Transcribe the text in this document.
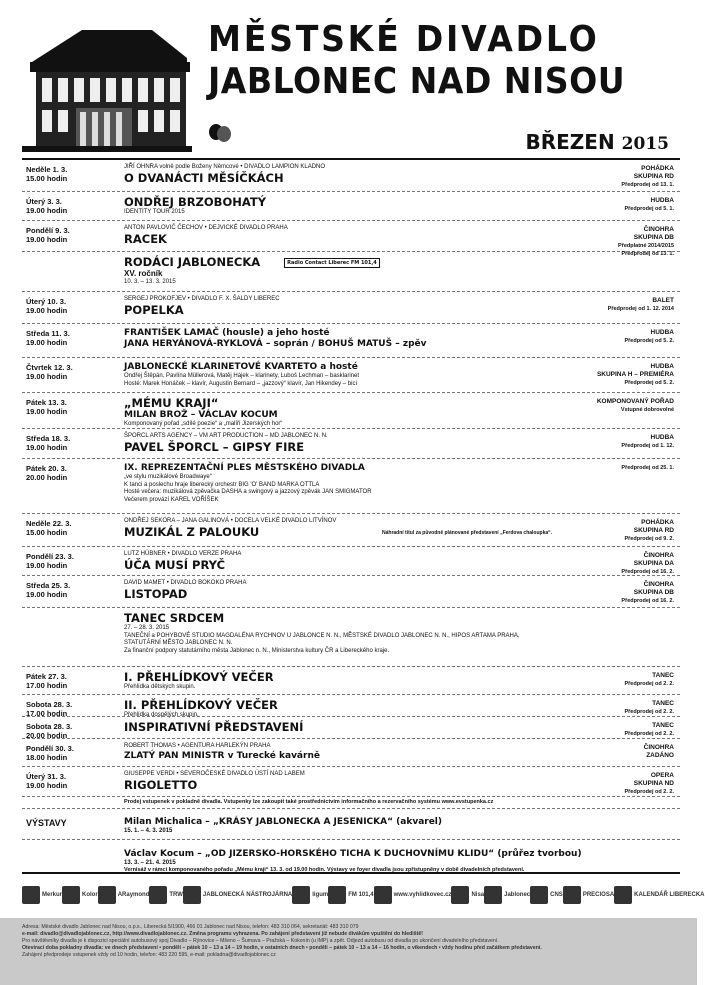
MĚSTSKÉ DIVADLO
JABLONEC NAD NISOU
BŘEZEN 2015
Neděle 1. 3.
15.00 hodin
JIŘÍ OHNRA volně podle Boženy Němcové • DIVADLO LAMPION KLADNO
O DVANÁCTI MĚSÍČKÁCH
POHÁDKA
SKUPINA RD
Předprodej od 13. 1.
Úterý 3. 3.
19.00 hodin
ONDŘEJ BRZOBOHATÝ
IDENTITY TOUR 2015
HUDBA
Předprodej od 5. 1.
Pondělí 9. 3.
19.00 hodin
ANTON PAVLOVIČ ČECHOV • DEJVICKÉ DIVADLO PRAHA
RACEK
ČINOHRA
SKUPINA DB
Předplatné 2014/2015
Předprodej od 13. 1.
RODÁCI JABLONECKA	Radio Contact Liberec FM 101,4
XV. ročník
10. 3. – 13. 3. 2015
Úterý 10. 3.
19.00 hodin
SERGEJ PROKOFJEV • DIVADLO F. X. ŠALDY LIBEREC
POPELKA
BALET
Předprodej od 1. 12. 2014
Středa 11. 3.
19.00 hodin
FRANTIŠEK LAMAČ (housle) a jeho hosté
JANA HERYÁNOVÁ-RYKLOVÁ – soprán / BOHUŠ MATUŠ – zpěv
HUDBA
Předprodej od 5. 2.
Čtvrtek 12. 3.
19.00 hodin
JABLONECKÉ KLARINETOVÉ KVARTETO a hosté
Ondřej Štěpán, Pavlína Müllerová, Matěj Hájek – klarinety, Luboš Lechman – basklarinet
Hosté: Marek Honáček – klavír, Augustin Bernard – „jazzový“ klavír, Jan Hikendey – bicí
HUDBA
SKUPINA H – PREMIÉRA
Předprodej od 5. 2.
Pátek 13. 3.
19.00 hodin
„MÉMU KRAJI“
MILAN BROŽ – VÁCLAV KOCUM
Komponovaný pořad „sdílé poezie“ a „malíři Jizerských hor“
KOMPONOVANÝ POŘAD
Vstupné dobrovolné
Středa 18. 3.
19.00 hodin
ŠPORCL ARTS AGENCY – VM ART PRODUCTION – MD JABLONEC N. N.
PAVEL ŠPORCL – GIPSY FIRE
HUDBA
Předprodej od 1. 12.
Pátek 20. 3.
20.00 hodin
IX. REPREZENTAČNÍ PLES MĚSTSKÉHO DIVADLA
„ve stylu muzikálové Broadwaye“
K tanci a poslechu hraje liberecký orchestr BIG 'O' BAND MARKA OTTLA
Hosté večera: muzikálová zpěvačka DASHA a swingový a jazzový zpěvák JAN SMIGMATOR
Večerem provází KAREL VOŘÍŠEK
Předprodej od 25. 1.
Neděle 22. 3.
15.00 hodin
ONDŘEJ SEKORA – JANA GALINOVÁ • DOCELA VELKÉ DIVADLO LITVÍNOV
MUZIKÁL Z PALOUKU	Náhradní titul za původně plánované představení „Ferdova chaloupka“.
POHÁDKA
SKUPINA RD
Předprodej od 9. 2.
Pondělí 23. 3.
19.00 hodin
LUTZ HÜBNER • DIVADLO VERZE PRAHA
ÚČA MUSÍ PRYČ
ČINOHRA
SKUPINA DA
Předprodej od 16. 2.
Středa 25. 3.
19.00 hodin
DAVID MAMET • DIVADLO BOKOKO PRAHA
LISTOPAD
ČINOHRA
SKUPINA DB
Předprodej od 16. 2.
TANEC SRDCEM
27. – 28. 3. 2015
TANEČNÍ a POHYBOVÉ STUDIO MAGDALÉNA RYCHNOV U JABLONCE N. N., MĚSTSKÉ DIVADLO JABLONEC N. N., HIPOS ARTAMA PRAHA,
STATUTÁRNÍ MĚSTO JABLONEC N. N.
Za finanční podpory statutárního města Jablonec n. N., Ministerstva kultury ČR a Libereckého kraje.
Pátek 27. 3.
17.00 hodin
I. PŘEHLÍDKOVÝ VEČER
Přehlídka dětských skupin.
TANEC
Předprodej od 2. 2.
Sobota 28. 3.
17.00 hodin
II. PŘEHLÍDKOVÝ VEČER
Přehlídka dospělých skupin.
TANEC
Předprodej od 2. 2.
Sobota 28. 3.
20.00 hodin
INSPIRATIVNÍ PŘEDSTAVENÍ	TANEC
Předprodej od 2. 2.
Pondělí 30. 3.
18.00 hodin
ROBERT THOMAS • AGENTURA HARLEKÝN PRAHA
ZLATÝ PAN MINISTR v Turecké kavárně
ČINOHRA
ZADÁNO
Úterý 31. 3.
19.00 hodin
GIUSEPPE VERDI • SEVEROČESKÉ DIVADLO ÚSTÍ NAD LABEM
RIGOLETTO
OPERA
SKUPINA ND
Předprodej od 2. 2.
Prodej vstupenek v pokladně divadla. Vstupenky lze zakoupit také prostřednictvím informačního a rezervačního systému www.evstupenka.cz
VÝSTAVY	Milan Michalica – „KRÁSY JABLONECKA A JESENICKA“ (akvarel)
15. 1. – 4. 3. 2015
Václav Kocum – „OD JIZERSKO-HORSKÉHO TICHA K DUCHOVNÍMU KLIDU“ (průřez tvorbou)
13. 3. – 21. 4. 2015
Vernisáž v rámci komponovaného pořadu „Mému kraji“ 13. 3. od 19.00 hodin. Výstavy ve foyer divadla jsou zpřístupněny v době divadelních představení.
Merkur	Kolor	ARaymond	TRW	JABLONECKÁ NÁSTROJÁRNA	ligum	FM 101,4	www.vyhlidkovec.cz	Nisa	Jablonec	CNS	PRECIOSA	KALENDÁŘ LIBERECKA
Adresa: Městské divadlo Jablonec nad Nisou, o.p.s., Liberecká 5/1900, 466 01 Jablonec nad Nisou, telefon: 483 310 064, sekretariát: 483 310 079
e-mail: divadlo@divadlojablonec.cz, http://www.divadlojablonec.cz. Změna programu vyhrazena. Po zahájení představení již nebude divákům vpuštění do hlediště!
Pro návštěvníky divadla je k dispozici speciální autobusový spoj Divadlo – Rýnovice – Mšeno – Šumava – Pražská – Kokonín (u IMP) a zpět. Odjezd autobusu od divadla po ukončení divadelního představení.
Otevírací doba pokladny divadla: ve dnech představení • pondělí – pátek 10 – 13 a 14 – 19 hodin, v ostatních dnech • pondělí – pátek 10 – 13 a 14 – 16 hodin, o víkendech • vždy hodinu před začátkem představení.
Zahájení předprodeje vstupenek vždy od 10 hodin, telefon: 483 220 595, e-mail: pokladna@divadlojablonec.cz
